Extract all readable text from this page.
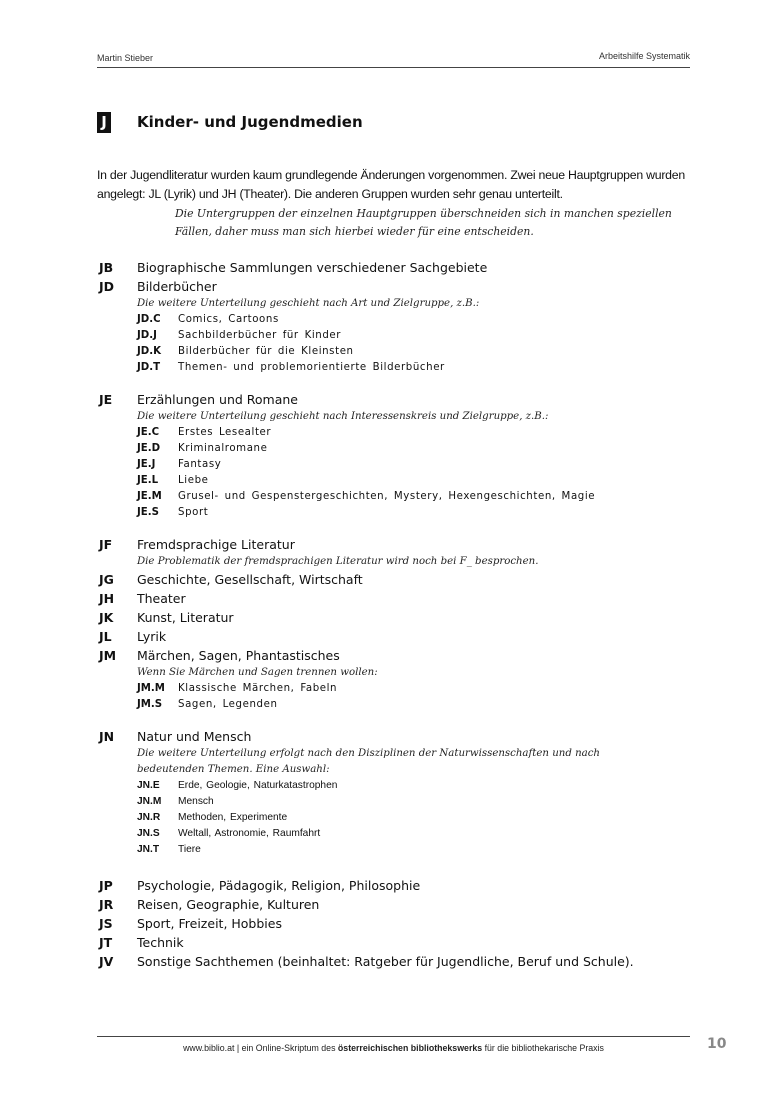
Martin Stieber	Arbeitshilfe Systematik
J Kinder- und Jugendmedien
In der Jugendliteratur wurden kaum grundlegende Änderungen vorgenommen. Zwei neue Hauptgruppen wurden angelegt: JL (Lyrik) und JH (Theater). Die anderen Gruppen wurden sehr genau unterteilt.
Die Untergruppen der einzelnen Hauptgruppen überschneiden sich in manchen speziellen Fällen, daher muss man sich hierbei wieder für eine entscheiden.
JB Biographische Sammlungen verschiedener Sachgebiete
JD Bilderbücher
Die weitere Unterteilung geschieht nach Art und Zielgruppe, z.B.:
JD.C Comics, Cartoons
JD.J Sachbilderbücher für Kinder
JD.K Bilderbücher für die Kleinsten
JD.T Themen- und problemorientierte Bilderbücher
JE Erzählungen und Romane
Die weitere Unterteilung geschieht nach Interessenskreis und Zielgruppe, z.B.:
JE.C Erstes Lesealter
JE.D Kriminalromane
JE.J Fantasy
JE.L Liebe
JE.M Grusel- und Gespenstergeschichten, Mystery, Hexengeschichten, Magie
JE.S Sport
JF Fremdsprachige Literatur
Die Problematik der fremdsprachigen Literatur wird noch bei F_ besprochen.
JG Geschichte, Gesellschaft, Wirtschaft
JH Theater
JK Kunst, Literatur
JL Lyrik
JM Märchen, Sagen, Phantastisches
Wenn Sie Märchen und Sagen trennen wollen:
JM.M Klassische Märchen, Fabeln
JM.S Sagen, Legenden
JN Natur und Mensch
Die weitere Unterteilung erfolgt nach den Disziplinen der Naturwissenschaften und nach bedeutenden Themen. Eine Auswahl:
JN.E Erde, Geologie, Naturkatastrophen
JN.M Mensch
JN.R Methoden, Experimente
JN.S Weltall, Astronomie, Raumfahrt
JN.T Tiere
JP Psychologie, Pädagogik, Religion, Philosophie
JR Reisen, Geographie, Kulturen
JS Sport, Freizeit, Hobbies
JT Technik
JV Sonstige Sachthemen (beinhaltet: Ratgeber für Jugendliche, Beruf und Schule).
www.biblio.at | ein Online-Skriptum des österreichischen bibliothekswerks für die bibliothekarische Praxis	10
